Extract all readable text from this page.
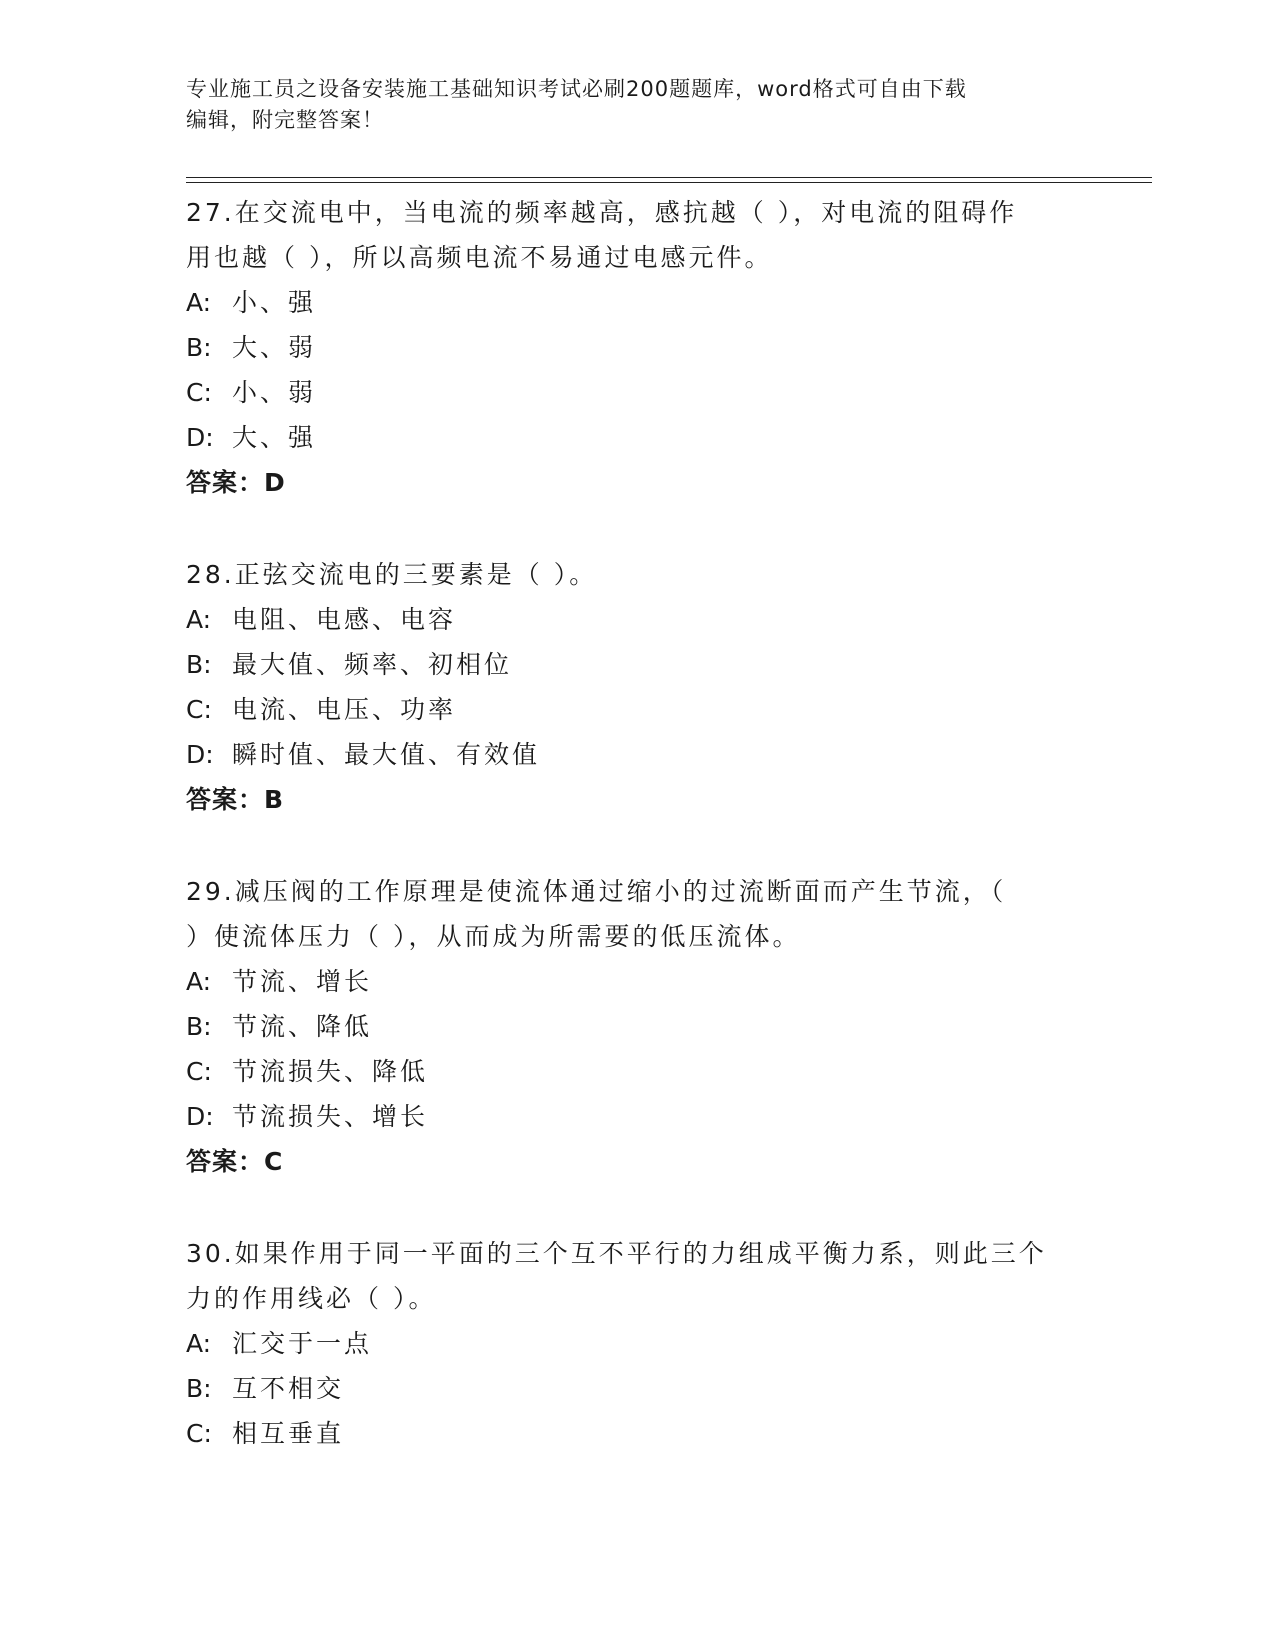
专业施工员之设备安装施工基础知识考试必刷200题题库，word格式可自由下载
编辑，附完整答案！
27.在交流电中，当电流的频率越高，感抗越（ ），对电流的阻碍作
用也越（ ），所以高频电流不易通过电感元件。
A: 小、强
B: 大、弱
C: 小、弱
D: 大、强
答案：D
28.正弦交流电的三要素是（ ）。
A: 电阻、电感、电容
B: 最大值、频率、初相位
C: 电流、电压、功率
D: 瞬时值、最大值、有效值
答案：B
29.减压阀的工作原理是使流体通过缩小的过流断面而产生节流，（
）使流体压力（ ），从而成为所需要的低压流体。
A: 节流、增长
B: 节流、降低
C: 节流损失、降低
D: 节流损失、增长
答案：C
30.如果作用于同一平面的三个互不平行的力组成平衡力系，则此三个
力的作用线必（ ）。
A: 汇交于一点
B: 互不相交
C: 相互垂直
